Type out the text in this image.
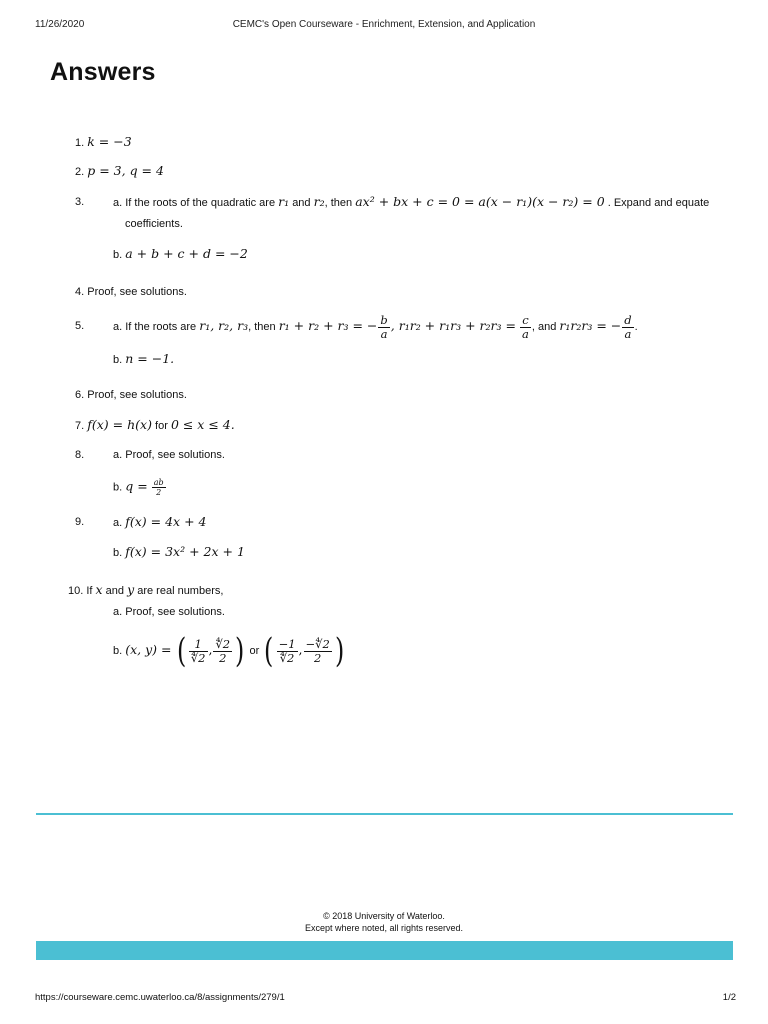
11/26/2020	CEMC's Open Courseware - Enrichment, Extension, and Application
Answers
1. k = −3
2. p = 3, q = 4
3.	a. If the roots of the quadratic are r₁ and r₂, then ax² + bx + c = 0 = a(x − r₁)(x − r₂) = 0 . Expand and equate
coefficients.
b. a + b + c + d = −2
4. Proof, see solutions.
5.	a. If the roots are r₁, r₂, r₃, then r₁ + r₂ + r₃ = − $\frac{b}{a}$ , $r_1r_2 + r_1r_3 + r_2r_3 = \frac{c}{a}$ , and r₁r₂r₃ = − $\frac{d}{a}$ .
b. n = −1.
6. Proof, see solutions.
7. f(x) = h(x) for 0 ≤ x ≤ 4.
8.	a. Proof, see solutions.
b. $q = \frac{ab}{2}$
9.	a. f(x) = 4x + 4
b. f(x) = 3x² + 2x + 1
10. If x and y are real numbers,
a. Proof, see solutions.
b. (x, y) = ( $\frac{1}{∜2}$ , $\frac{∜2}{2}$ ) or ( $\frac{-1}{∜2}$ , $\frac{-∜2}{2}$ )
© 2018 University of Waterloo.
Except where noted, all rights reserved.
https://courseware.cemc.uwaterloo.ca/8/assignments/279/1	1/2
